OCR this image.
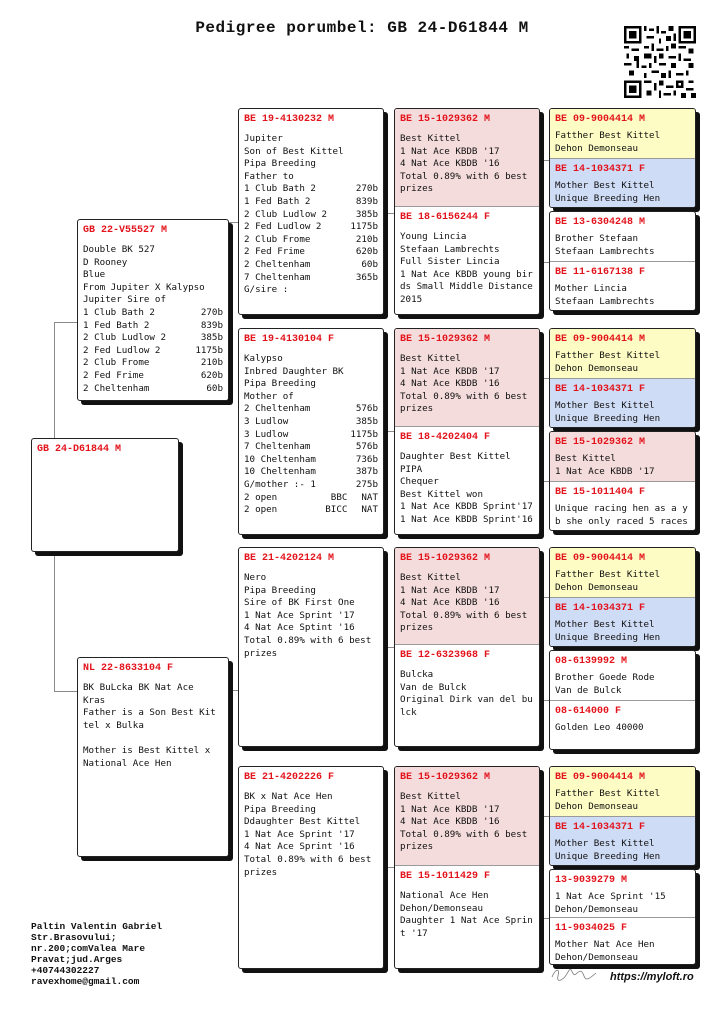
Pedigree porumbel: GB 24-D61844 M
GB 24-D61844 M
GB 22-V55527 M
Double BK 527
D Rooney
Blue
From Jupiter X Kalypso
Jupiter Sire of
1 Club Bath 2	270b
1 Fed Bath 2	839b
2 Club Ludlow 2	385b
2 Fed Ludlow 2	1175b
2 Club Frome	210b
2 Fed Frime	620b
2 Cheltenham	60b
NL 22-8633104 F
BK BuLcka BK Nat Ace
Kras
Father is a Son Best Kit
tel x Bulka

Mother is Best Kittel x
National Ace Hen
BE 19-4130232 M
Jupiter
Son of Best Kittel
Pipa Breeding
Father to
1 Club Bath 2	270b
1 Fed Bath 2	839b
2 Club Ludlow 2	385b
2 Fed Ludlow 2	1175b
2 Club Frome	210b
2 Fed Frime	620b
2 Cheltenham	60b
7 Cheltenham	365b
G/sire :
BE 19-4130104 F
Kalypso
Inbred Daughter BK
Pipa Breeding
Mother of
2 Cheltenham	576b
3 Ludlow	385b
3 Ludlow	1175b
7 Cheltenham	576b
10 Cheltenham	736b
10 Cheltenham	387b
G/mother :- 1	275b
2 open	BBC NAT
2 open	BICC NAT
BE 21-4202124 M
Nero
Pipa Breeding
Sire of BK First One
1 Nat Ace Sprint '17
4 Nat Ace Sptint '16
Total 0.89% with 6 best
prizes
BE 21-4202226 F
BK x Nat Ace Hen
Pipa Breeding
Ddaughter Best Kittel
1 Nat Ace Sprint '17
4 Nat Ace Sprint '16
Total 0.89% with 6 best
prizes
BE 15-1029362 M
Best Kittel
1 Nat Ace KBDB '17
4 Nat Ace KBDB '16
Total 0.89% with 6 best
prizes
BE 18-6156244 F
Young Lincia
Stefaan Lambrechts
Full Sister Lincia
1 Nat Ace KBDB young bir
ds Small Middle Distance
2015
BE 15-1029362 M
Best Kittel
1 Nat Ace KBDB '17
4 Nat Ace KBDB '16
Total 0.89% with 6 best
prizes
BE 18-4202404 F
Daughter Best Kittel
PIPA
Chequer
Best Kittel won
1 Nat Ace KBDB Sprint'17
1 Nat Ace KBDB Sprint'16
BE 15-1029362 M
Best Kittel
1 Nat Ace KBDB '17
4 Nat Ace KBDB '16
Total 0.89% with 6 best
prizes
BE 12-6323968 F
Bulcka
Van de Bulck
Original Dirk van del bu
lck
BE 15-1029362 M
Best Kittel
1 Nat Ace KBDB '17
4 Nat Ace KBDB '16
Total 0.89% with 6 best
prizes
BE 15-1011429 F
National Ace Hen
Dehon/Demonseau
Daughter 1 Nat Ace Sprin
t '17
BE 09-9004414 M
Fatther Best Kittel
Dehon Demonseau
BE 14-1034371 F
Mother Best Kittel
Unique Breeding Hen
BE 13-6304248 M
Brother Stefaan
Stefaan Lambrechts
BE 11-6167138 F
Mother Lincia
Stefaan Lambrechts
BE 09-9004414 M
Fatther Best Kittel
Dehon Demonseau
BE 14-1034371 F
Mother Best Kittel
Unique Breeding Hen
BE 15-1029362 M
Best Kittel
1 Nat Ace KBDB '17
BE 15-1011404 F
Unique racing hen as a y
b she only raced 5 races
BE 09-9004414 M
Fatther Best Kittel
Dehon Demonseau
BE 14-1034371 F
Mother Best Kittel
Unique Breeding Hen
08-6139992 M
Brother Goede Rode
Van de Bulck
08-614000 F
Golden Leo 40000
BE 09-9004414 M
Fatther Best Kittel
Dehon Demonseau
BE 14-1034371 F
Mother Best Kittel
Unique Breeding Hen
13-9039279 M
1 Nat Ace Sprint '15
Dehon/Demonseau
11-9034025 F
Mother Nat Ace Hen
Dehon/Demonseau
Paltin Valentin Gabriel
Str.Brasovului;
nr.200;comValea Mare
Pravat;jud.Arges
+40744302227
ravexhome@gmail.com	https://myloft.ro
